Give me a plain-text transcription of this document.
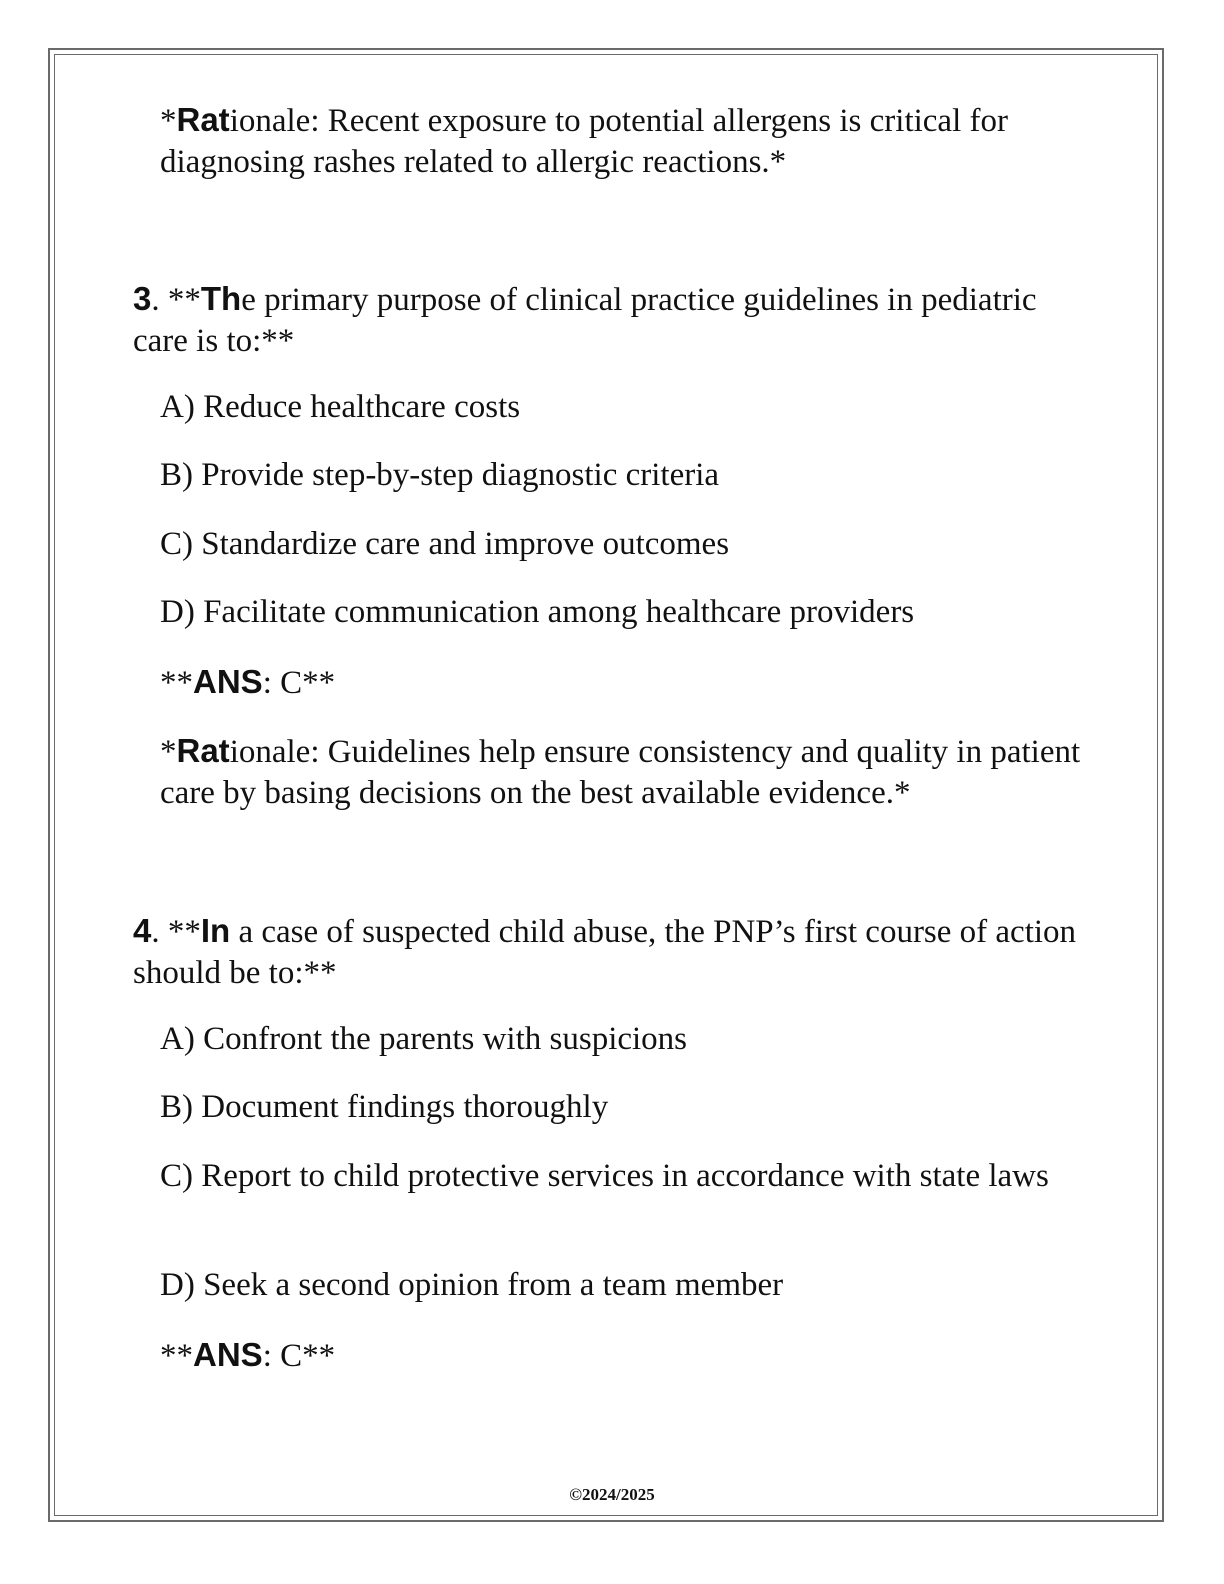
*Rationale: Recent exposure to potential allergens is critical for diagnosing rashes related to allergic reactions.*

3. **The primary purpose of clinical practice guidelines in pediatric care is to:**

A) Reduce healthcare costs

B) Provide step-by-step diagnostic criteria

C) Standardize care and improve outcomes

D) Facilitate communication among healthcare providers

**ANS: C**

*Rationale: Guidelines help ensure consistency and quality in patient care by basing decisions on the best available evidence.*

4. **In a case of suspected child abuse, the PNP’s first course of action should be to:**

A) Confront the parents with suspicions

B) Document findings thoroughly

C) Report to child protective services in accordance with state laws

D) Seek a second opinion from a team member

**ANS: C**

©2024/2025
